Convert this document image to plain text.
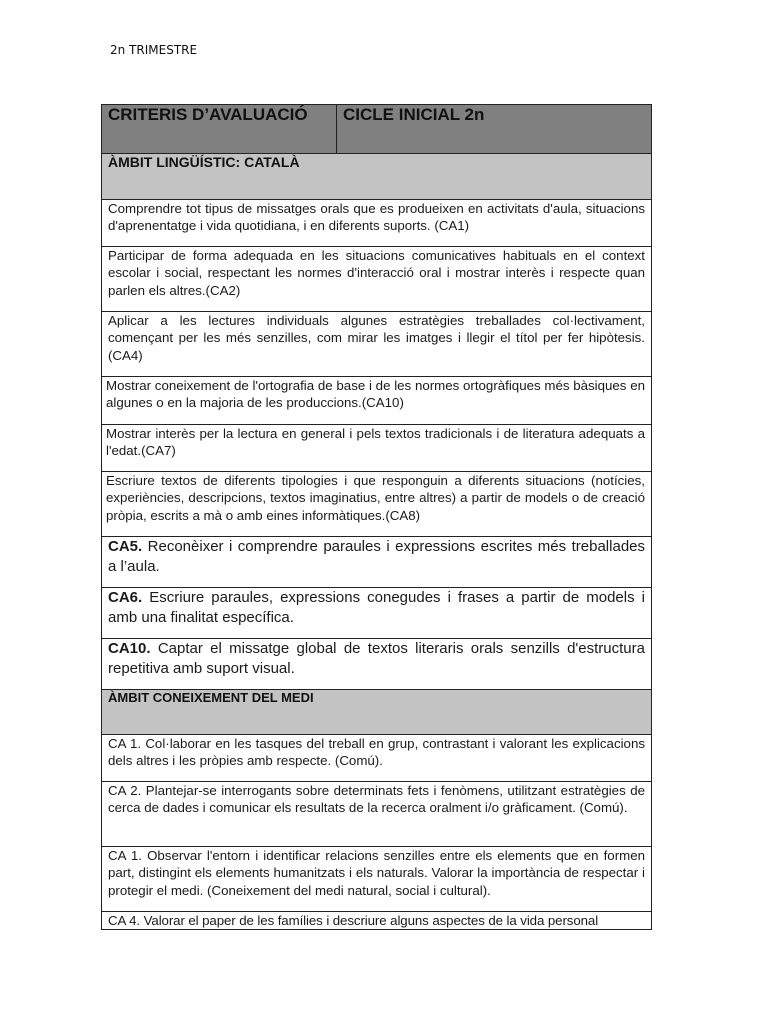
2n TRIMESTRE
CRITERIS D’AVALUACIÓ	CICLE INICIAL 2n
ÀMBIT LINGÜÍSTIC: CATALÀ
Comprendre tot tipus de missatges orals que es produeixen en activitats d'aula, situacions d'aprenentatge i vida quotidiana, i en diferents suports. (CA1)
Participar de forma adequada en les situacions comunicatives habituals en el context escolar i social, respectant les normes d'interacció oral i mostrar interès i respecte quan parlen els altres.(CA2)
Aplicar a les lectures individuals algunes estratègies treballades col·lectivament, començant per les més senzilles, com mirar les imatges i llegir el títol per fer hipòtesis.(CA4)
Mostrar coneixement de l'ortografia de base i de les normes ortogràfiques més bàsiques en algunes o en la majoria de les produccions.(CA10)
Mostrar interès per la lectura en general i pels textos tradicionals i de literatura adequats a l'edat.(CA7)
Escriure textos de diferents tipologies i que responguin a diferents situacions (notícies, experiències, descripcions, textos imaginatius, entre altres) a partir de models o de creació pròpia, escrits a mà o amb eines informàtiques.(CA8)
CA5. Reconèixer i comprendre paraules i expressions escrites més treballades a l’aula.
CA6. Escriure paraules, expressions conegudes i frases a partir de models i amb una finalitat específica.
CA10. Captar el missatge global de textos literaris orals senzills d'estructura repetitiva amb suport visual.
ÀMBIT CONEIXEMENT DEL MEDI
CA 1. Col·laborar en les tasques del treball en grup, contrastant i valorant les explicacions dels altres i les pròpies amb respecte. (Comú).
CA 2. Plantejar-se interrogants sobre determinats fets i fenòmens, utilitzant estratègies de cerca de dades i comunicar els resultats de la recerca oralment i/o gràficament. (Comú).
CA 1. Observar l'entorn i identificar relacions senzilles entre els elements que en formen part, distingint els elements humanitzats i els naturals. Valorar la importància de respectar i protegir el medi. (Coneixement del medi natural, social i cultural).
CA 4. Valorar el paper de les famílies i descriure alguns aspectes de la vida personal
